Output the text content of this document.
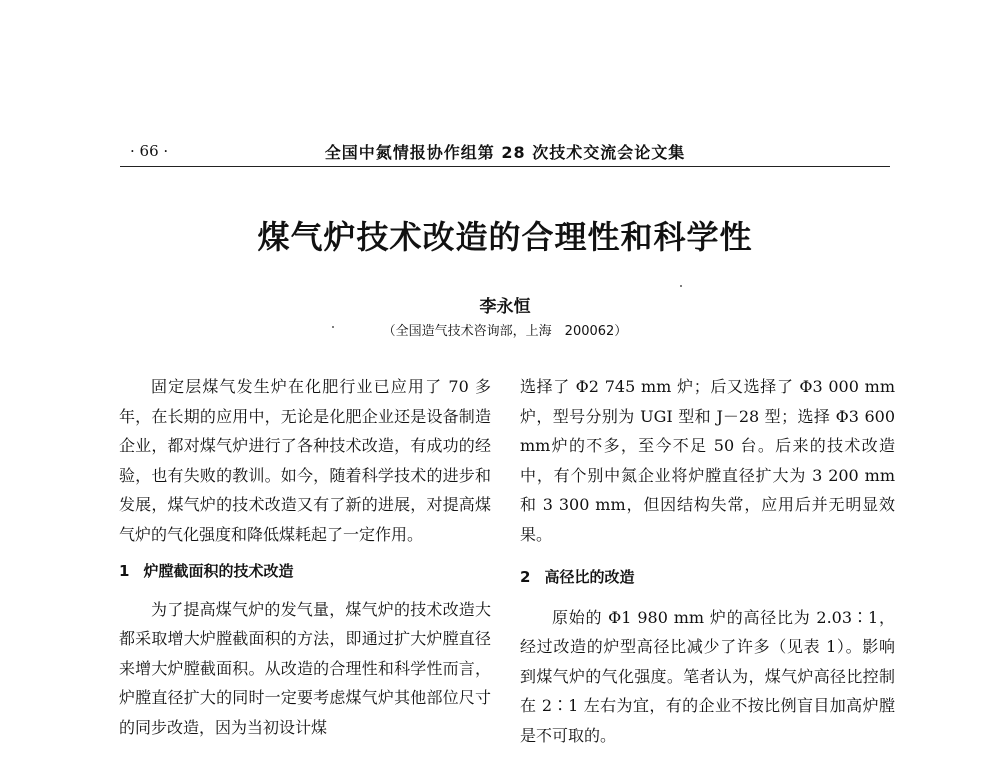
· 66 ·	全国中氮情报协作组第 28 次技术交流会论文集
煤气炉技术改造的合理性和科学性
李永恒
（全国造气技术咨询部，上海　200062）

固定层煤气发生炉在化肥行业已应用了 70 多年，在长期的应用中，无论是化肥企业还是设备制造企业，都对煤气炉进行了各种技术改造，有成功的经验，也有失败的教训。如今，随着科学技术的进步和发展，煤气炉的技术改造又有了新的进展，对提高煤气炉的气化强度和降低煤耗起了一定作用。

1 炉膛截面积的技术改造

为了提高煤气炉的发气量，煤气炉的技术改造大都采取增大炉膛截面积的方法，即通过扩大炉膛直径来增大炉膛截面积。从改造的合理性和科学性而言，炉膛直径扩大的同时一定要考虑煤气炉其他部位尺寸的同步改造，因为当初设计煤

选择了 Φ2 745 mm 炉；后又选择了 Φ3 000 mm 炉，型号分别为 UGI 型和 J－28 型；选择 Φ3 600 mm炉的不多，至今不足 50 台。后来的技术改造中，有个别中氮企业将炉膛直径扩大为 3 200 mm 和 3 300 mm，但因结构失常，应用后并无明显效果。

2 高径比的改造

原始的 Φ1 980 mm 炉的高径比为 2.03∶1，经过改造的炉型高径比减少了许多（见表 1）。影响到煤气炉的气化强度。笔者认为，煤气炉高径比控制在 2∶1 左右为宜，有的企业不按比例盲目加高炉膛是不可取的。
